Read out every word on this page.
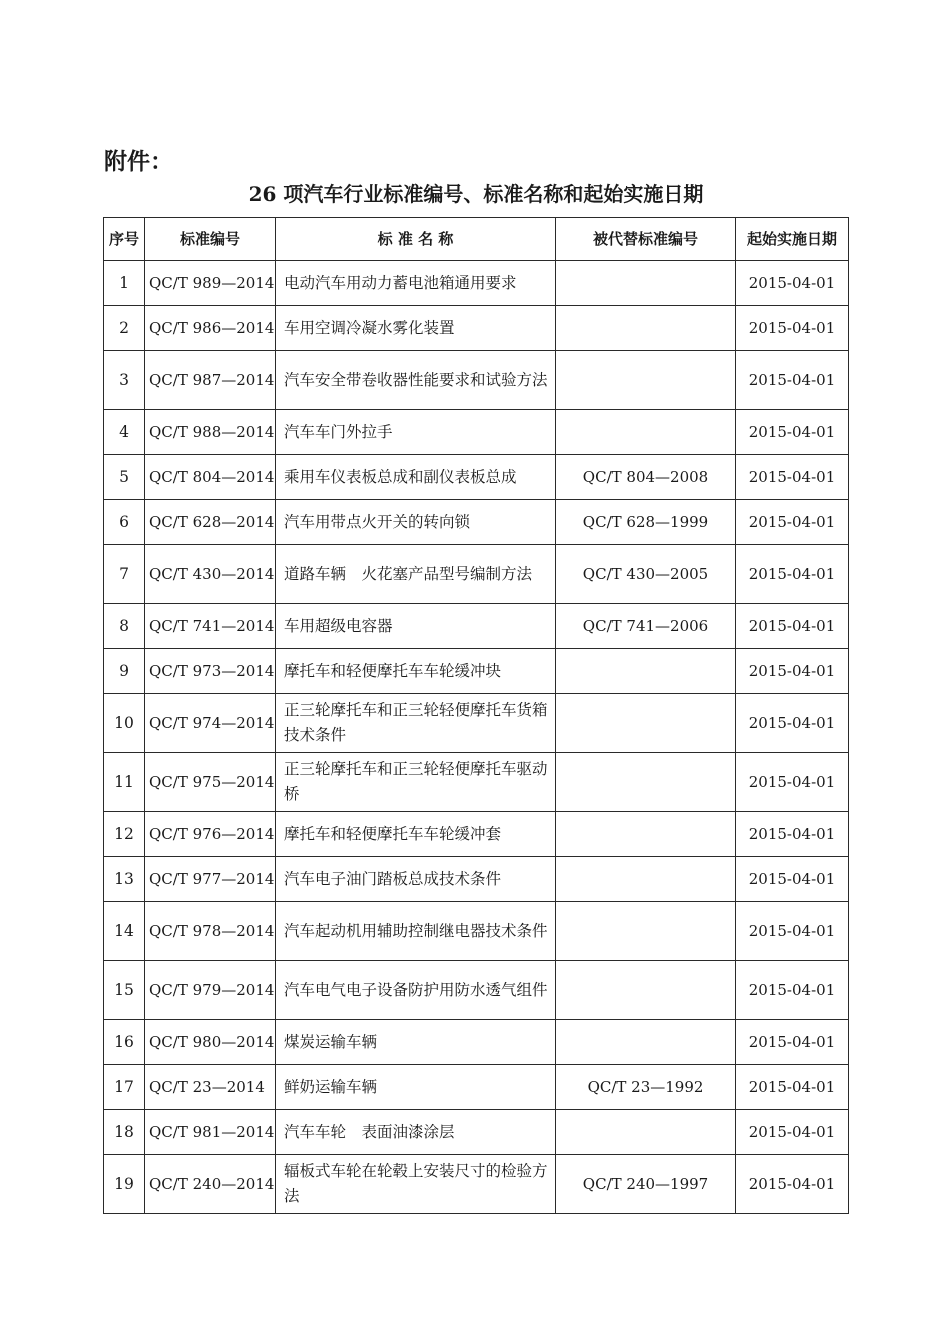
附件：
26 项汽车行业标准编号、标准名称和起始实施日期
序号	标准编号	标 准 名 称	被代替标准编号	起始实施日期
1	QC/T 989—2014	电动汽车用动力蓄电池箱通用要求		2015-04-01
2	QC/T 986—2014	车用空调冷凝水雾化装置		2015-04-01
3	QC/T 987—2014	汽车安全带卷收器性能要求和试验方法		2015-04-01
4	QC/T 988—2014	汽车车门外拉手		2015-04-01
5	QC/T 804—2014	乘用车仪表板总成和副仪表板总成	QC/T 804—2008	2015-04-01
6	QC/T 628—2014	汽车用带点火开关的转向锁	QC/T 628—1999	2015-04-01
7	QC/T 430—2014	道路车辆　火花塞产品型号编制方法	QC/T 430—2005	2015-04-01
8	QC/T 741—2014	车用超级电容器	QC/T 741—2006	2015-04-01
9	QC/T 973—2014	摩托车和轻便摩托车车轮缓冲块		2015-04-01
10	QC/T 974—2014	正三轮摩托车和正三轮轻便摩托车货箱技术条件		2015-04-01
11	QC/T 975—2014	正三轮摩托车和正三轮轻便摩托车驱动桥		2015-04-01
12	QC/T 976—2014	摩托车和轻便摩托车车轮缓冲套		2015-04-01
13	QC/T 977—2014	汽车电子油门踏板总成技术条件		2015-04-01
14	QC/T 978—2014	汽车起动机用辅助控制继电器技术条件		2015-04-01
15	QC/T 979—2014	汽车电气电子设备防护用防水透气组件		2015-04-01
16	QC/T 980—2014	煤炭运输车辆		2015-04-01
17	QC/T 23—2014	鲜奶运输车辆	QC/T 23—1992	2015-04-01
18	QC/T 981—2014	汽车车轮　表面油漆涂层		2015-04-01
19	QC/T 240—2014	辐板式车轮在轮毂上安装尺寸的检验方法	QC/T 240—1997	2015-04-01
